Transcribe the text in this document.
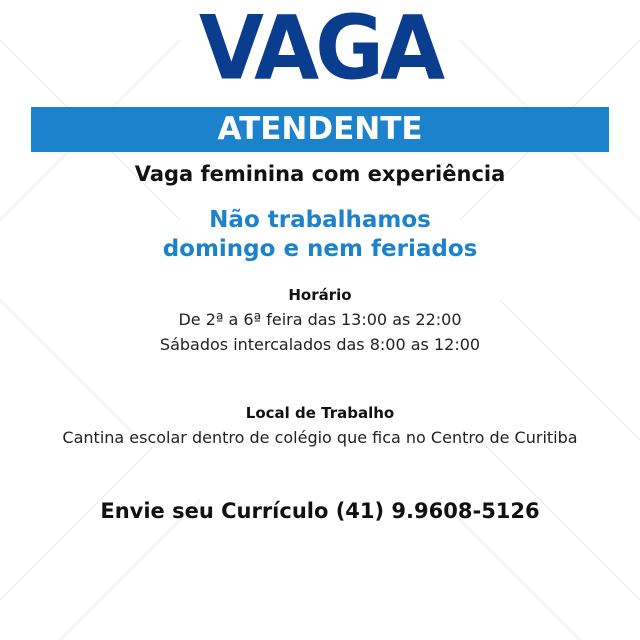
VAGA
ATENDENTE
Vaga feminina com experiência
Não trabalhamos
domingo e nem feriados
Horário
De 2ª a 6ª feira das 13:00 as 22:00
Sábados intercalados das 8:00 as 12:00
Local de Trabalho
Cantina escolar dentro de colégio que fica no Centro de Curitiba
Envie seu Currículo (41) 9.9608-5126
